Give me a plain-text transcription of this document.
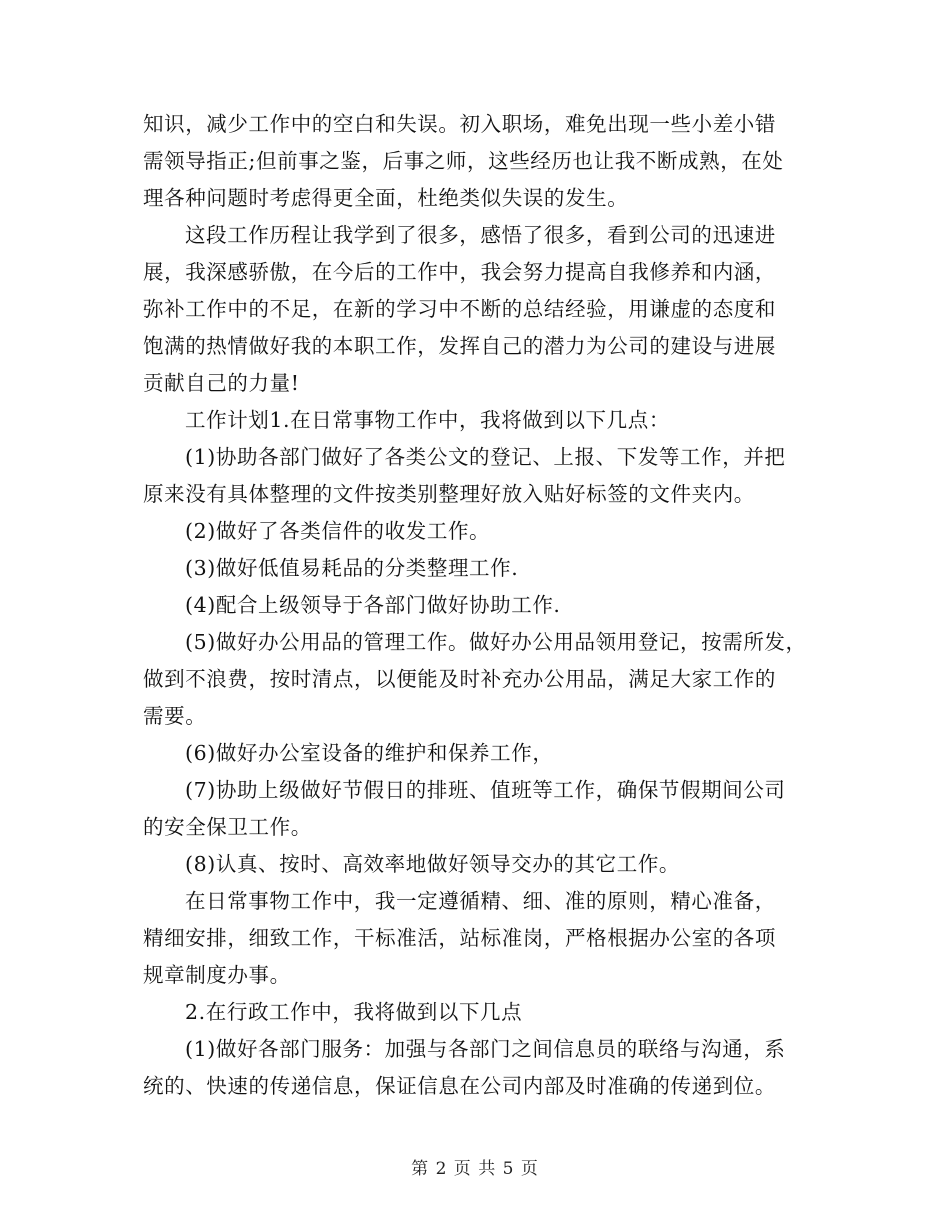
知识，减少工作中的空白和失误。初入职场，难免出现一些小差小错
需领导指正;但前事之鉴，后事之师，这些经历也让我不断成熟，在处
理各种问题时考虑得更全面，杜绝类似失误的发生。
这段工作历程让我学到了很多，感悟了很多，看到公司的迅速进
展，我深感骄傲，在今后的工作中，我会努力提高自我修养和内涵，
弥补工作中的不足，在新的学习中不断的总结经验，用谦虚的态度和
饱满的热情做好我的本职工作，发挥自己的潜力为公司的建设与进展
贡献自己的力量!
工作计划1.在日常事物工作中，我将做到以下几点：
(1)协助各部门做好了各类公文的登记、上报、下发等工作，并把
原来没有具体整理的文件按类别整理好放入贴好标签的文件夹内。
(2)做好了各类信件的收发工作。
(3)做好低值易耗品的分类整理工作.
(4)配合上级领导于各部门做好协助工作.
(5)做好办公用品的管理工作。做好办公用品领用登记，按需所发，
做到不浪费，按时清点，以便能及时补充办公用品，满足大家工作的
需要。
(6)做好办公室设备的维护和保养工作，
(7)协助上级做好节假日的排班、值班等工作，确保节假期间公司
的安全保卫工作。
(8)认真、按时、高效率地做好领导交办的其它工作。
在日常事物工作中，我一定遵循精、细、准的原则，精心准备，
精细安排，细致工作，干标准活，站标准岗，严格根据办公室的各项
规章制度办事。
2.在行政工作中，我将做到以下几点
(1)做好各部门服务：加强与各部门之间信息员的联络与沟通，系
统的、快速的传递信息，保证信息在公司内部及时准确的传递到位。
第 2 页 共 5 页
